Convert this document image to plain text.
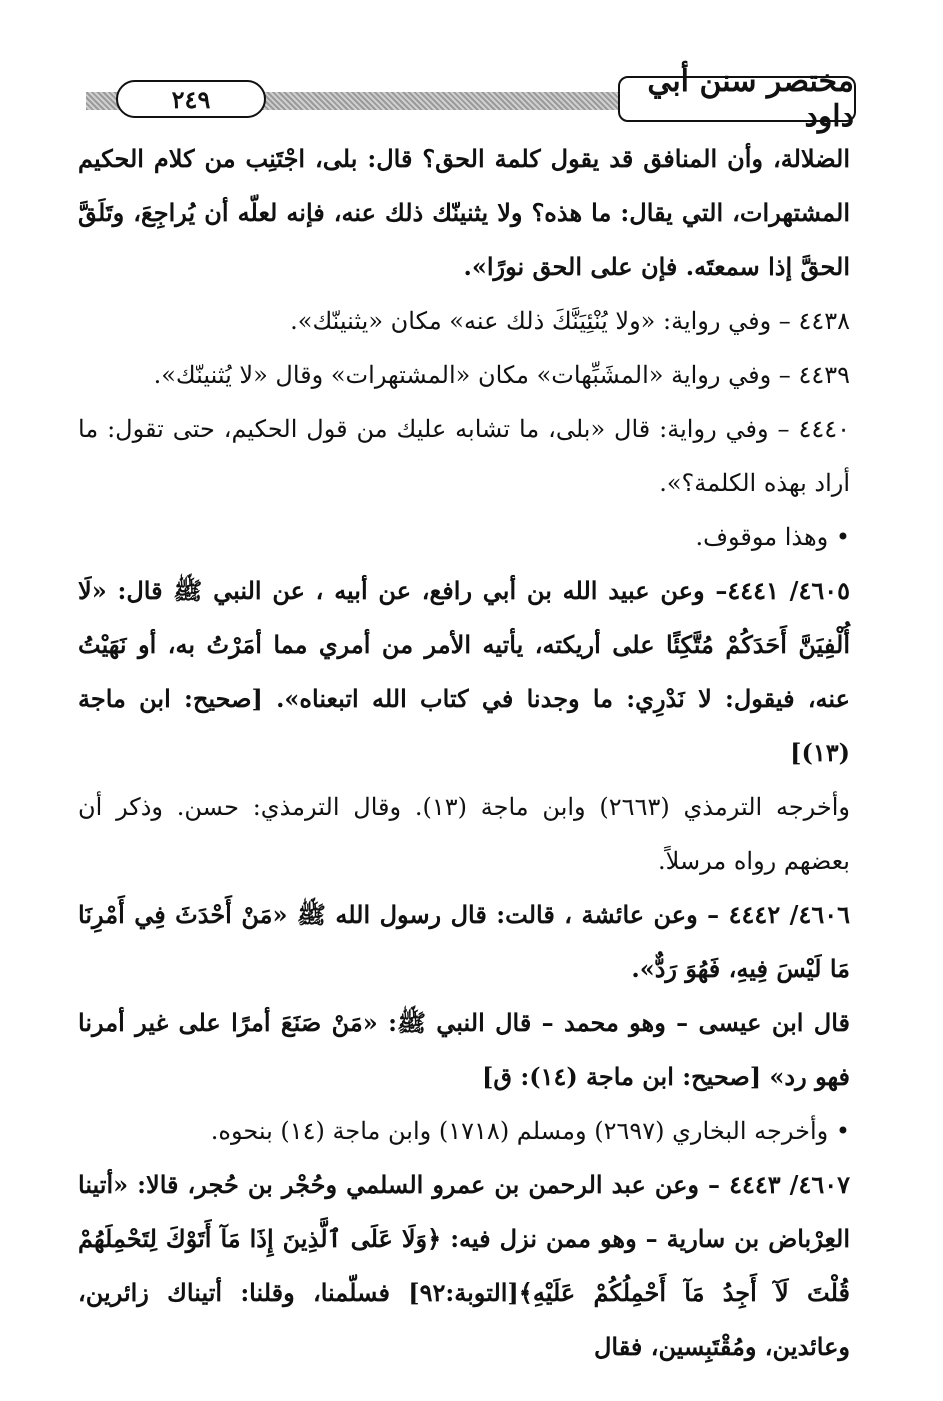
٢٤٩	مختصر سنن أبي داود

الضلالة، وأن المنافق قد يقول كلمة الحق؟ قال: بلى، اجْتَنِب من كلام الحكيم المشتهرات، التي يقال: ما هذه؟ ولا يثنينّك ذلك عنه، فإنه لعلّه أن يُراجِعَ، وتَلَقَّ الحقَّ إذا سمعتَه. فإن على الحق نورًا».

٤٤٣٨ – وفي رواية: «ولا يُنْئِيَنَّكَ ذلك عنه» مكان «يثنينّك».

٤٤٣٩ – وفي رواية «المشَبِّهات» مكان «المشتهرات» وقال «لا يُثنينّك».

٤٤٤٠ – وفي رواية: قال «بلى، ما تشابه عليك من قول الحكيم، حتى تقول: ما أراد بهذه الكلمة؟».

• وهذا موقوف.

٤٦٠٥/ ٤٤٤١– وعن عبيد الله بن أبي رافع، عن أبيه ، عن النبي ﷺ قال: «لَا أُلْفِيَنَّ أَحَدَكُمْ مُتَّكِئًا على أريكته، يأتيه الأمر من أمري مما أمَرْتُ به، أو نَهَيْتُ عنه، فيقول: لا نَدْرِي: ما وجدنا في كتاب الله اتبعناه». [صحيح: ابن ماجة (١٣)]

وأخرجه الترمذي (٢٦٦٣) وابن ماجة (١٣). وقال الترمذي: حسن. وذكر أن بعضهم رواه مرسلاً.

٤٦٠٦/ ٤٤٤٢ – وعن عائشة ، قالت: قال رسول الله ﷺ «مَنْ أَحْدَثَ فِي أَمْرِنَا مَا لَيْسَ فِيهِ، فَهُوَ رَدٌّ».

قال ابن عيسى – وهو محمد – قال النبي ﷺ: «مَنْ صَنَعَ أمرًا على غير أمرنا فهو رد» [صحيح: ابن ماجة (١٤): ق]

• وأخرجه البخاري (٢٦٩٧) ومسلم (١٧١٨) وابن ماجة (١٤) بنحوه.

٤٦٠٧/ ٤٤٤٣ – وعن عبد الرحمن بن عمرو السلمي وحُجْر بن حُجر، قالا: «أتينا العِرْباض بن سارية – وهو ممن نزل فيه: ﴿وَلَا عَلَى ٱلَّذِينَ إِذَا مَآ أَتَوْكَ لِتَحْمِلَهُمْ قُلْتَ لَآ أَجِدُ مَآ أَحْمِلُكُمْ عَلَيْهِ﴾[التوبة:٩٢] فسلّمنا، وقلنا: أتيناك زائرين، وعائدين، ومُقْتَبِسين، فقال
